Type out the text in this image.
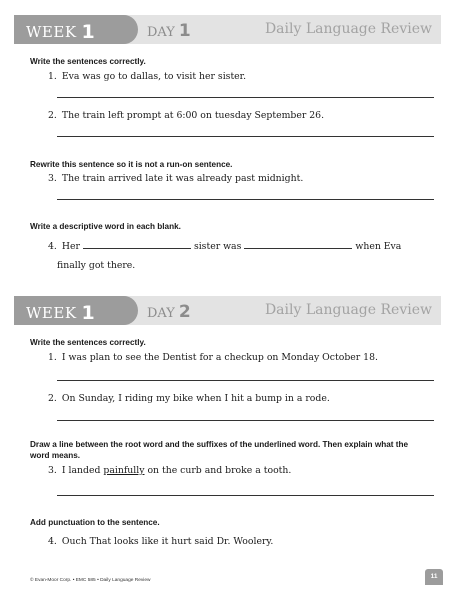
WEEK 1	DAY 1	Daily Language Review
Write the sentences correctly.
1. Eva was go to dallas, to visit her sister.
2. The train left prompt at 6:00 on tuesday September 26.
Rewrite this sentence so it is not a run-on sentence.
3. The train arrived late it was already past midnight.
Write a descriptive word in each blank.
4. Her	sister was	when Eva
finally got there.
WEEK 1	DAY 2	Daily Language Review
Write the sentences correctly.
1. I was plan to see the Dentist for a checkup on Monday October 18.
2. On Sunday, I riding my bike when I hit a bump in a rode.
Draw a line between the root word and the suffixes of the underlined word. Then explain what the word means.
3. I landed painfully on the curb and broke a tooth.
Add punctuation to the sentence.
4. Ouch That looks like it hurt said Dr. Woolery.
© Evan-Moor Corp. • EMC 585 • Daily Language Review
11
